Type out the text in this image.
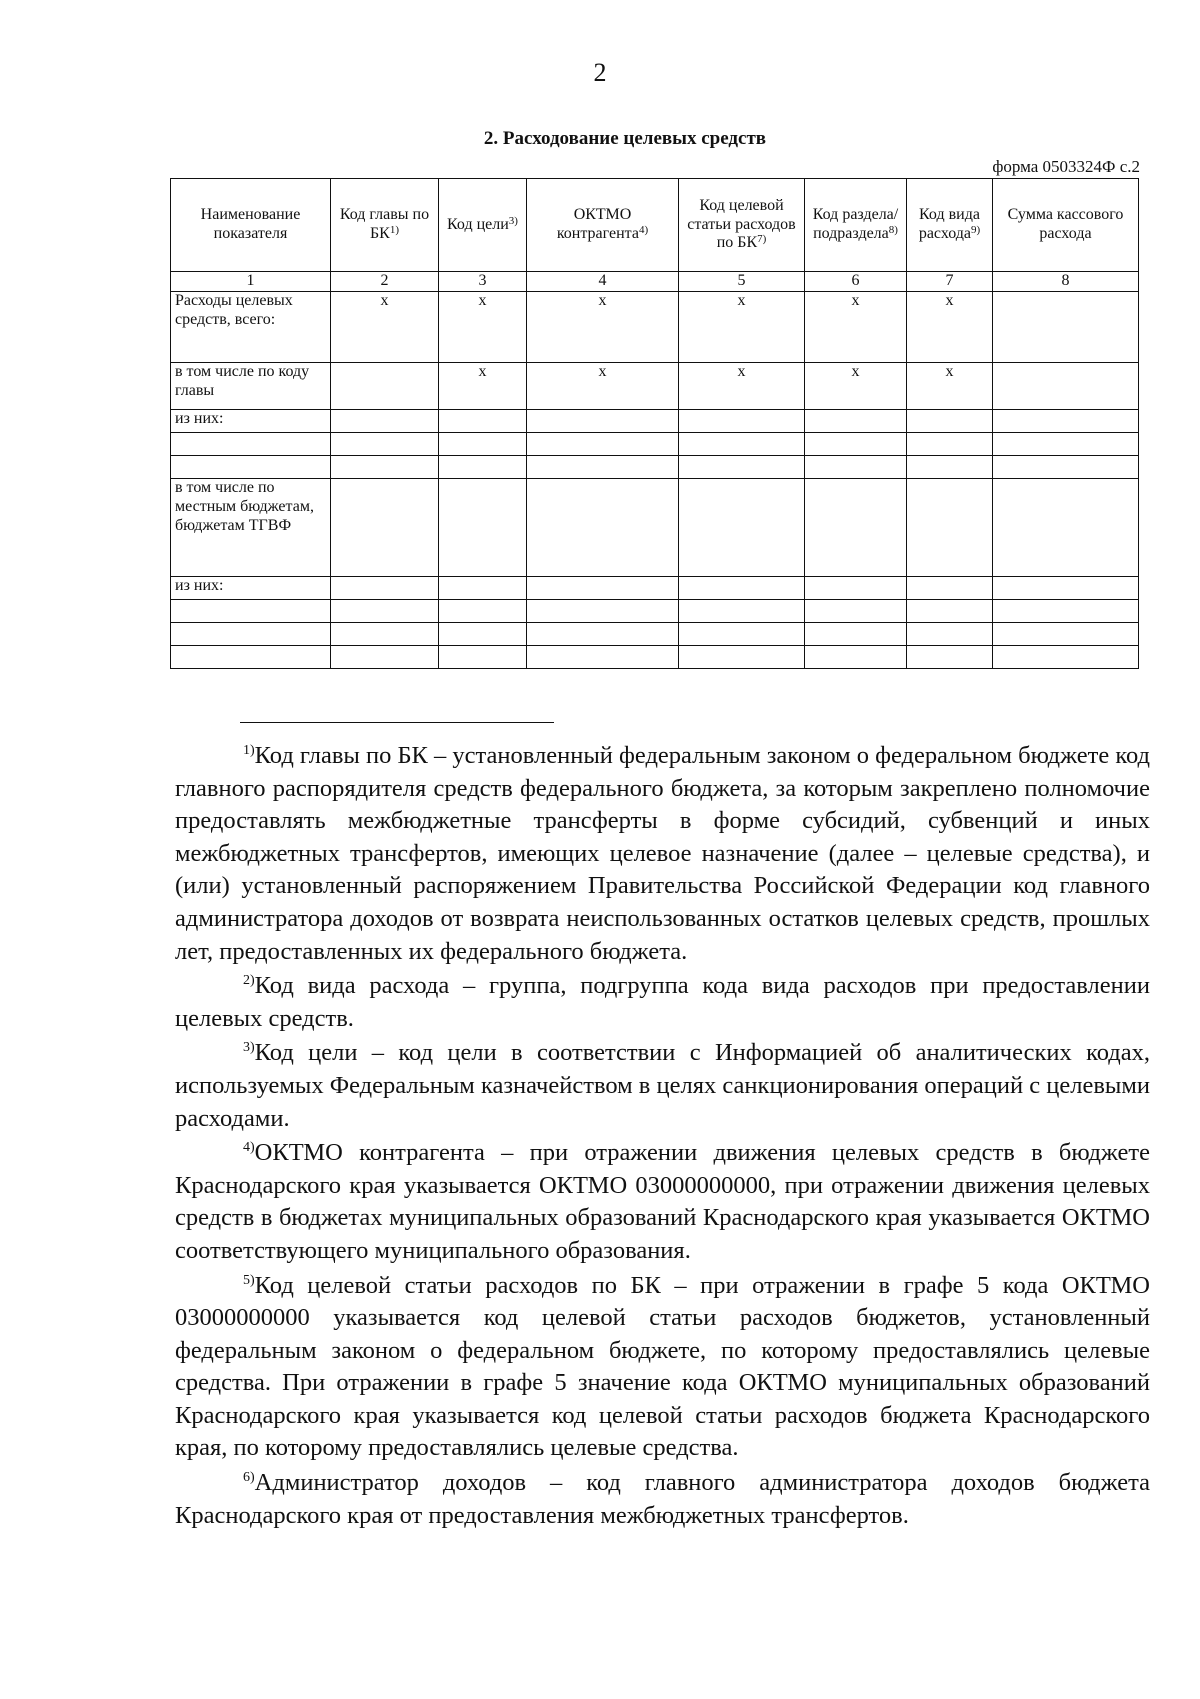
2
2. Расходование целевых средств
форма 0503324Ф с.2
Наименование показателя	Код главы по БК$^{1)}$	Код цели$^{3)}$	ОКТМО контрагента$^{4)}$	Код целевой статьи расходов по БК$^{7)}$	Код раздела/ подраздела$^{8)}$	Код вида расхода$^{9)}$	Сумма кассового расхода
1	2	3	4	5	6	7	8
Расходы целевых средств, всего:	x	x	x	x	x	x	
в том числе по коду главы		x	x	x	x	x	
из них:							

в том числе по местным бюджетам, бюджетам ТГВФ							
из них:							

$^{1)}$Код главы по БК – установленный федеральным законом о федеральном бюджете код главного распорядителя средств федерального бюджета, за которым закреплено полномочие предоставлять межбюджетные трансферты в форме субсидий, субвенций и иных межбюджетных трансфертов, имеющих целевое назначение (далее – целевые средства), и (или) установленный распоряжением Правительства Российской Федерации код главного администратора доходов от возврата неиспользованных остатков целевых средств, прошлых лет, предоставленных их федерального бюджета.

$^{2)}$Код вида расхода – группа, подгруппа кода вида расходов при предоставлении целевых средств.

$^{3)}$Код цели – код цели в соответствии с Информацией об аналитических кодах, используемых Федеральным казначейством в целях санкционирования операций с целевыми расходами.

$^{4)}$ОКТМО контрагента – при отражении движения целевых средств в бюджете Краснодарского края указывается ОКТМО 03000000000, при отражении движения целевых средств в бюджетах муниципальных образований Краснодарского края указывается ОКТМО соответствующего муниципального образования.

$^{5)}$Код целевой статьи расходов по БК – при отражении в графе 5 кода ОКТМО 03000000000 указывается код целевой статьи расходов бюджетов, установленный федеральным законом о федеральном бюджете, по которому предоставлялись целевые средства. При отражении в графе 5 значение кода ОКТМО муниципальных образований Краснодарского края указывается код целевой статьи расходов бюджета Краснодарского края, по которому предоставлялись целевые средства.

$^{6)}$Администратор доходов – код главного администратора доходов бюджета Краснодарского края от предоставления межбюджетных трансфертов.
